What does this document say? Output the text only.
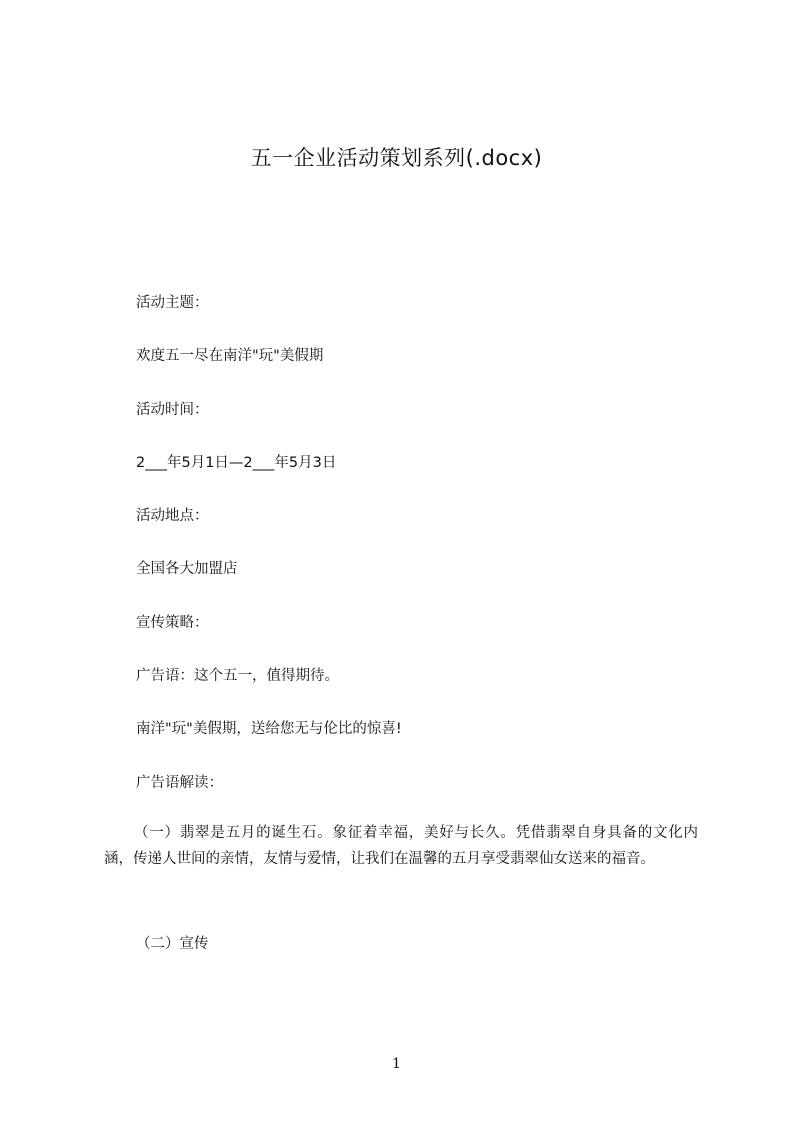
五一企业活动策划系列(.docx)
活动主题：
欢度五一尽在南洋"玩"美假期
活动时间：
2___年5月1日—2___年5月3日
活动地点：
全国各大加盟店
宣传策略：
广告语：这个五一，值得期待。
南洋"玩"美假期，送给您无与伦比的惊喜!
广告语解读：
（一）翡翠是五月的诞生石。象征着幸福，美好与长久。凭借翡翠自身具备的文化内涵，传递人世间的亲情，友情与爱情，让我们在温馨的五月享受翡翠仙女送来的福音。
（二）宣传
1
